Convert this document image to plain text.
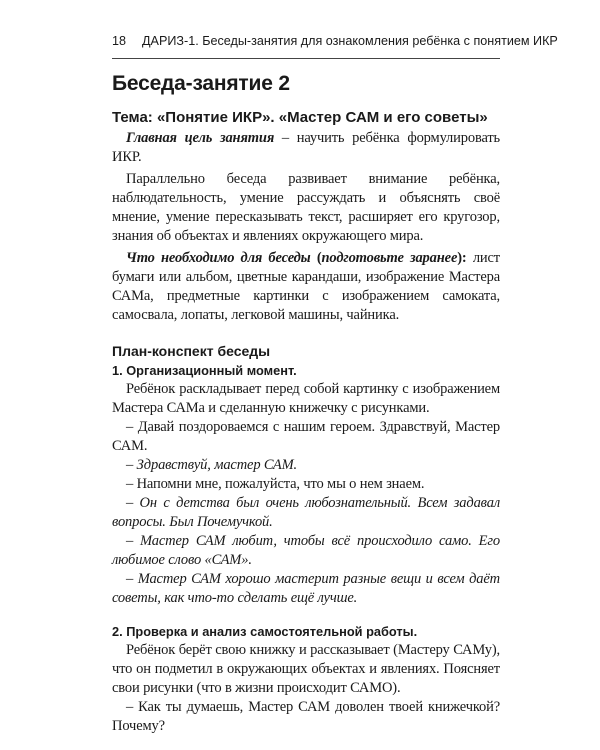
18 ДАРИЗ-1. Беседы-занятия для ознакомления ребёнка с понятием ИКР
Беседа-занятие 2
Тема: «Понятие ИКР». «Мастер САМ и его советы»

Главная цель занятия – научить ребёнка формулировать ИКР.

Параллельно беседа развивает внимание ребёнка, наблюдательность, умение рассуждать и объяснять своё мнение, умение пересказывать текст, расширяет его кругозор, знания об объектах и явлениях окружающего мира.

Что необходимо для беседы (подготовьте заранее): лист бумаги или альбом, цветные карандаши, изображение Мастера САМа, предметные картинки с изображением самоката, самосвала, лопаты, легковой машины, чайника.

План-конспект беседы
1. Организационный момент.

Ребёнок раскладывает перед собой картинку с изображением Мастера САМа и сделанную книжечку с рисунками.

– Давай поздороваемся с нашим героем. Здравствуй, Мастер САМ.

– Здравствуй, мастер САМ.

– Напомни мне, пожалуйста, что мы о нем знаем.

– Он с детства был очень любознательный. Всем задавал вопросы. Был Почемучкой.

– Мастер САМ любит, чтобы всё происходило само. Его любимое слово «САМ».

– Мастер САМ хорошо мастерит разные вещи и всем даёт советы, как что-то сделать ещё лучше.

2. Проверка и анализ самостоятельной работы.

Ребёнок берёт свою книжку и рассказывает (Мастеру САМу), что он подметил в окружающих объектах и явлениях. Поясняет свои рисунки (что в жизни происходит САМО).

– Как ты думаешь, Мастер САМ доволен твоей книжечкой? Почему?
